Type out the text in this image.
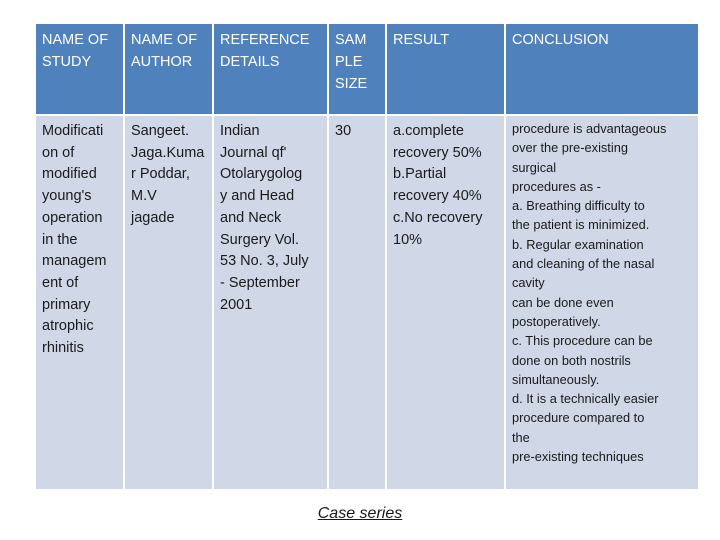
NAME OF
STUDY
NAME OF
AUTHOR
REFERENCE
DETAILS
SAM
PLE
SIZE
RESULT	CONCLUSION
Modificati
on of
modified
young's
operation
in the
managem
ent of
primary
atrophic
rhinitis
Sangeet.
Jaga.Kuma
r Poddar,
M.V
jagade
Indian
Journal qf'
Otolarygolog
y and Head
and Neck
Surgery Vol.
53 No. 3, July
- September
2001
30	a.complete
recovery 50%
b.Partial
recovery 40%
c.No recovery
10%
procedure is advantageous
over the pre-existing
surgical
procedures as -
a. Breathing difficulty to
the patient is minimized.
b. Regular examination
and cleaning of the nasal
cavity
can be done even
postoperatively.
c. This procedure can be
done on both nostrils
simultaneously.
d. It is a technically easier
procedure compared to
the
pre-existing techniques
Case series
